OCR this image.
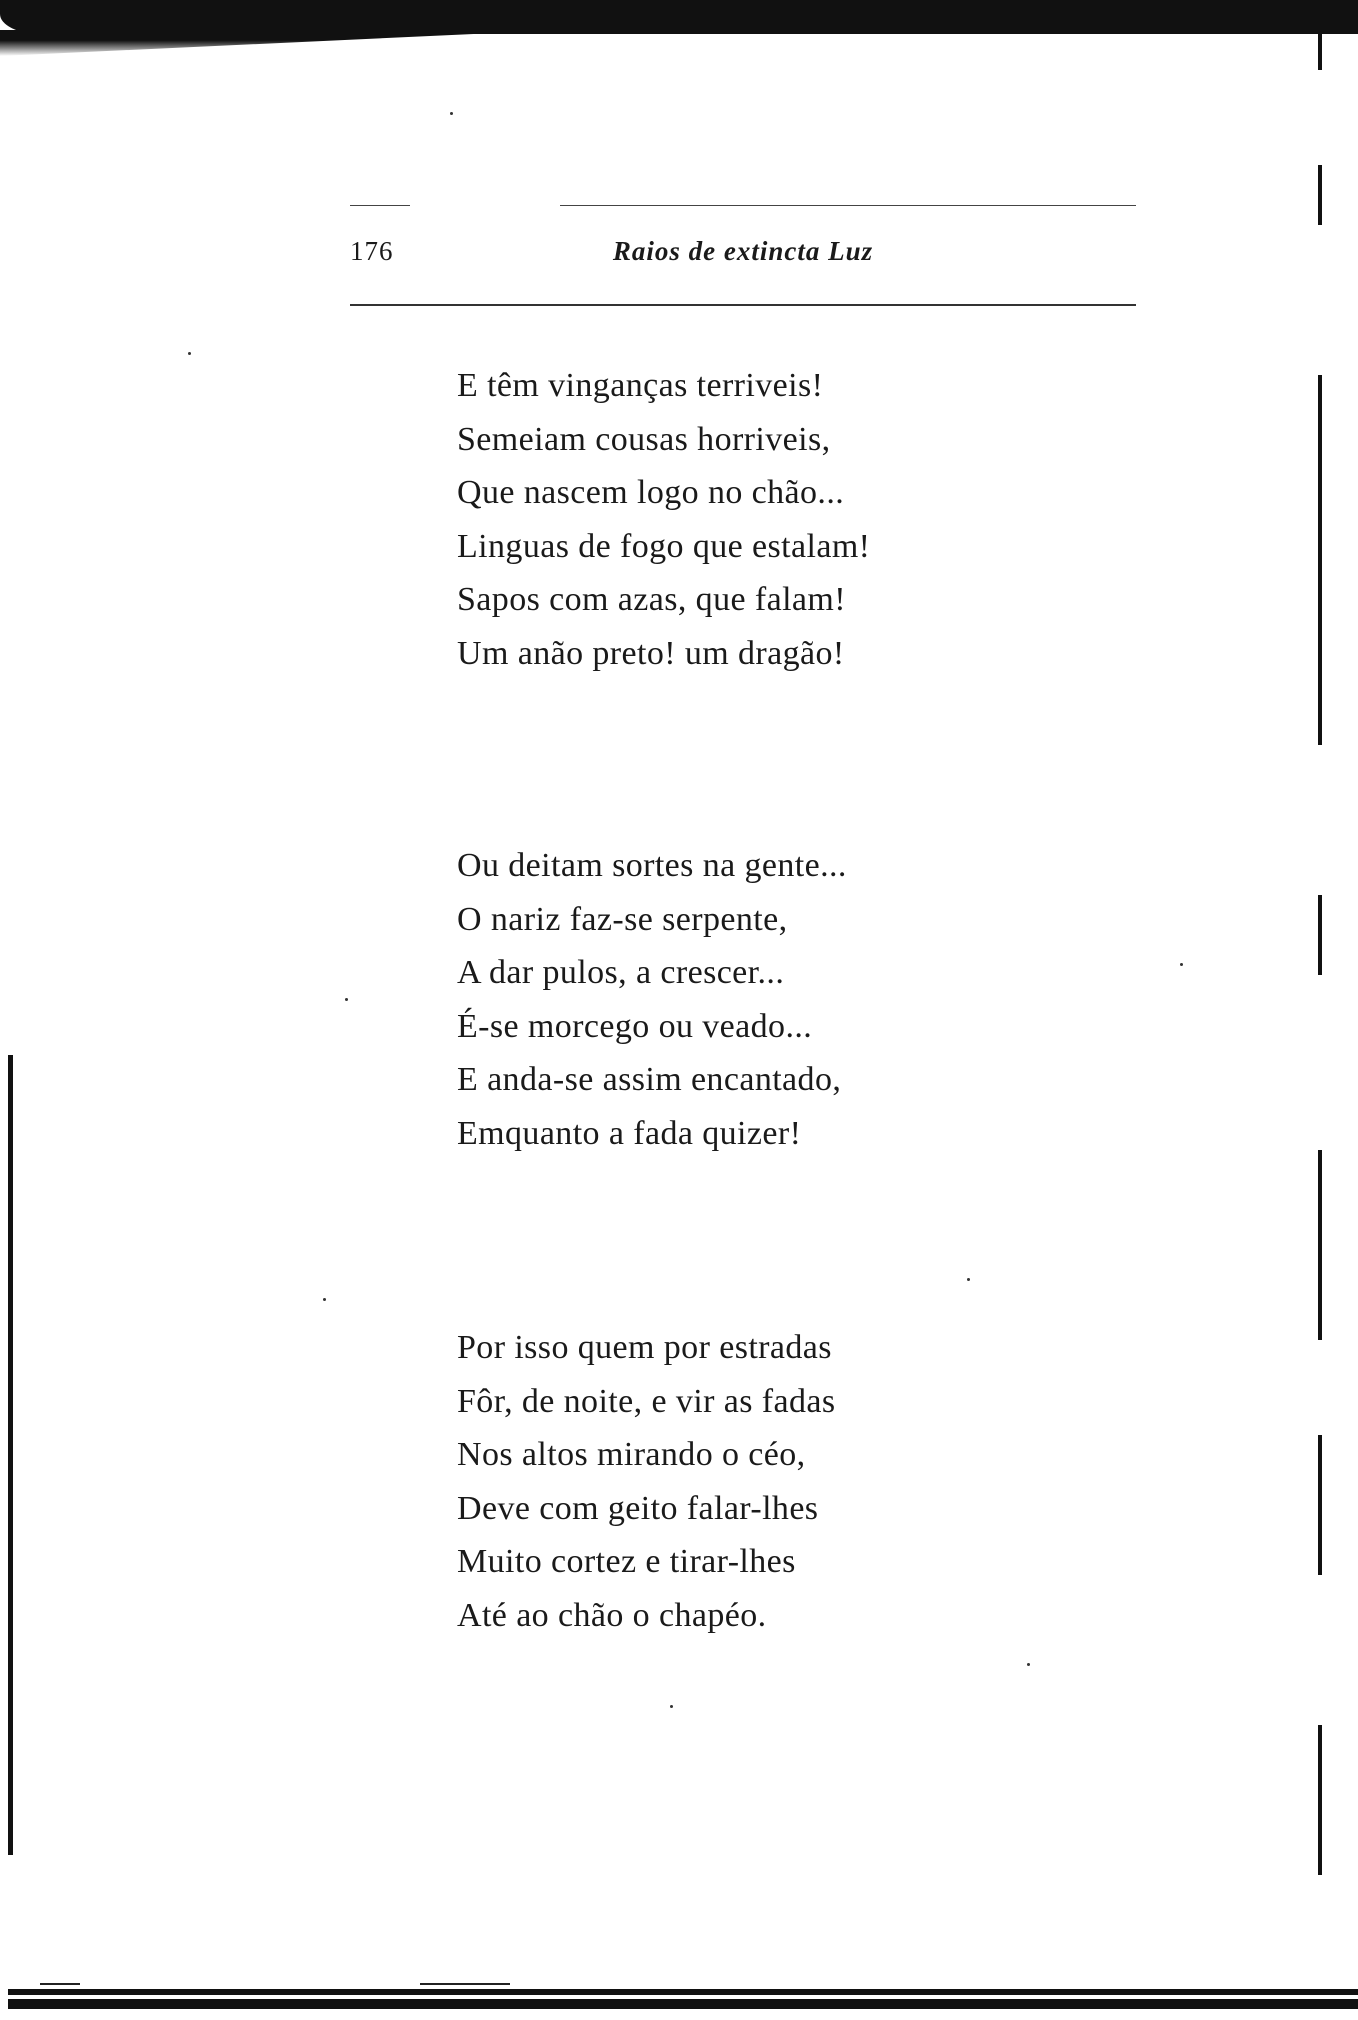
176	Raios de extincta Luz
E têm vinganças terriveis!
Semeiam cousas horriveis,
Que nascem logo no chão...
Linguas de fogo que estalam!
Sapos com azas, que falam!
Um anão preto! um dragão!
Ou deitam sortes na gente...
O nariz faz-se serpente,
A dar pulos, a crescer...
É-se morcego ou veado...
E anda-se assim encantado,
Emquanto a fada quizer!
Por isso quem por estradas
Fôr, de noite, e vir as fadas
Nos altos mirando o céo,
Deve com geito falar-lhes
Muito cortez e tirar-lhes
Até ao chão o chapéo.
